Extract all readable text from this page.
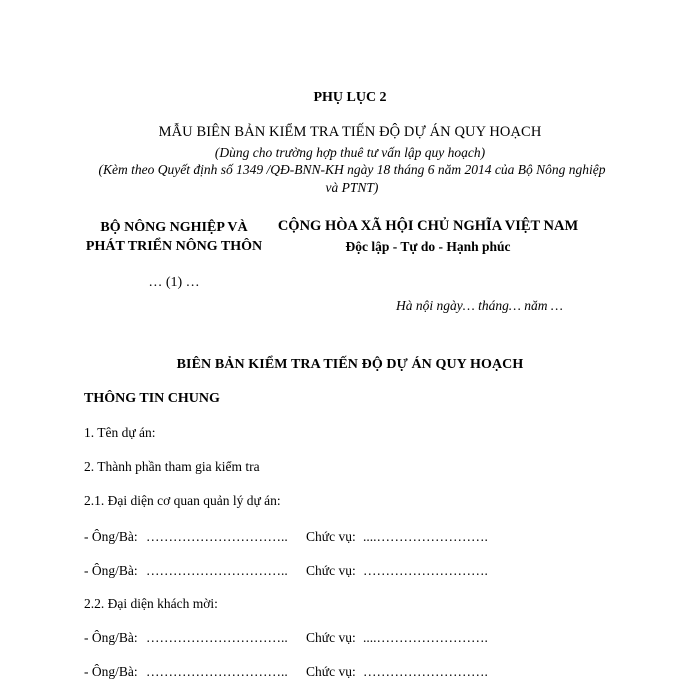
PHỤ LỤC 2
MẪU BIÊN BẢN KIỂM TRA TIẾN ĐỘ DỰ ÁN QUY HOẠCH
(Dùng cho trường hợp thuê tư vấn lập quy hoạch)
(Kèm theo Quyết định số 1349 /QĐ-BNN-KH ngày 18 tháng 6 năm 2014 của Bộ Nông nghiệp và PTNT)
BỘ NÔNG NGHIỆP VÀ PHÁT TRIỂN NÔNG THÔN
… (1) …
CỘNG HÒA XÃ HỘI CHỦ NGHĨA VIỆT NAM
Độc lập - Tự do - Hạnh phúc
Hà nội ngày… tháng… năm …
BIÊN BẢN KIỂM TRA TIẾN ĐỘ DỰ ÁN QUY HOẠCH
THÔNG TIN CHUNG
1. Tên dự án:
2. Thành phần tham gia kiểm tra
2.1. Đại diện cơ quan quản lý dự án:
- Ông/Bà: ………………………….. Chức vụ: ....…………………….
- Ông/Bà: ………………………….. Chức vụ: ……………………….
2.2. Đại diện khách mời:
- Ông/Bà: ………………………….. Chức vụ: ....…………………….
- Ông/Bà: ………………………….. Chức vụ: ……………………….
